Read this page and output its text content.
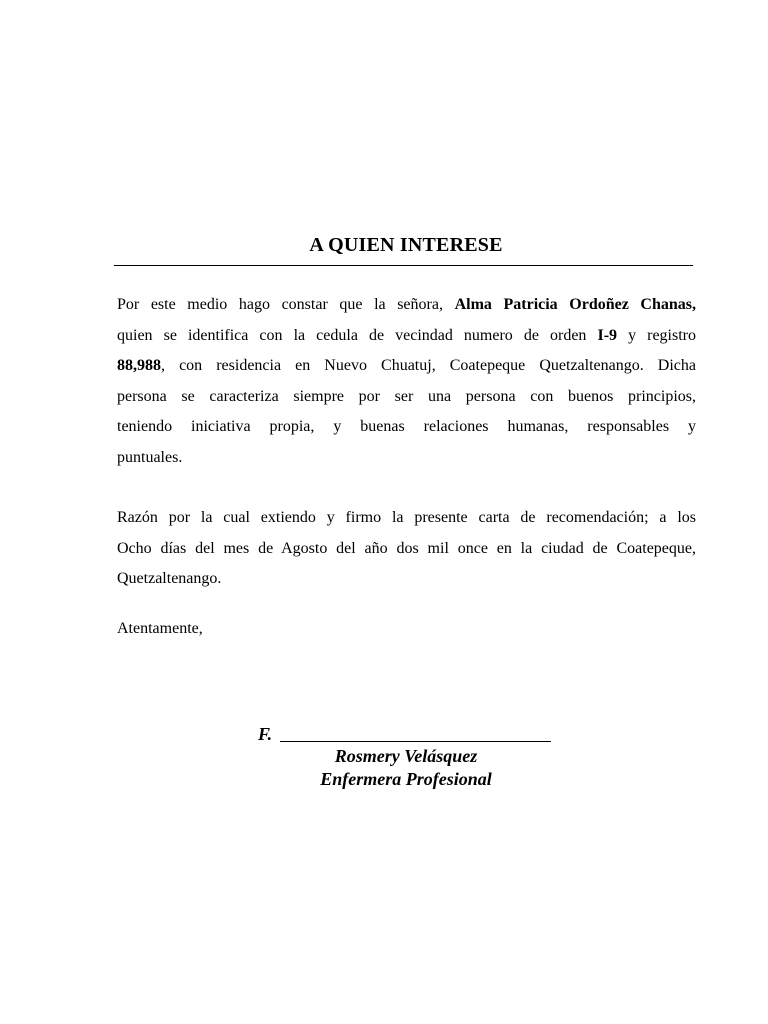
A QUIEN INTERESE
Por este medio hago constar que la señora, Alma Patricia Ordoñez Chanas,
quien se identifica con la cedula de vecindad numero de orden I-9 y registro
88,988, con residencia en Nuevo Chuatuj, Coatepeque Quetzaltenango. Dicha
persona se caracteriza siempre por ser una persona con buenos principios,
teniendo iniciativa propia, y buenas relaciones humanas, responsables y
puntuales.
Razón por la cual extiendo y firmo la presente carta de recomendación; a los
Ocho días del mes de Agosto del año dos mil once en la ciudad de Coatepeque,
Quetzaltenango.
Atentamente,
F.
Rosmery Velásquez
Enfermera Profesional
